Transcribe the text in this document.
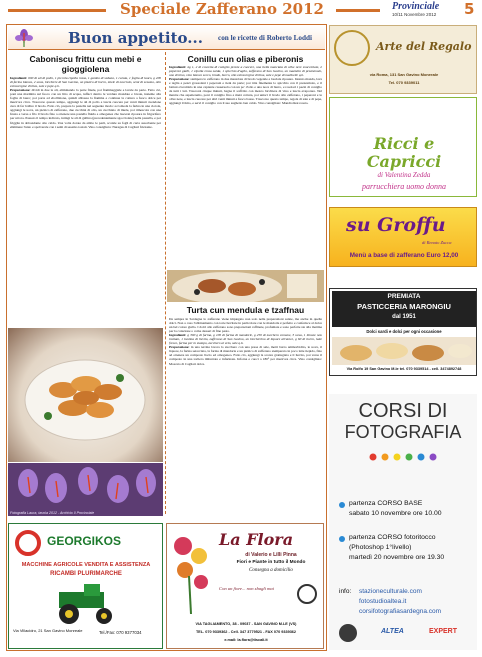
Speciale Zafferano 2012	Provinciale
10/11 Novembre 2012 5
Buon appetito... con le ricette di Roberto Loddi
Caboniscu frittu cun mebi e gioggiolena
Ingredienti: 600 di ali di pollo, 1 piccola cipolla rossa, 1 gambo di sedano, 1 carota, 1 foglia di lauro, g 200 di farina bianca, 2 uova, bicchiere di San Gavino, un pizzico di burro, miele di nocciolo, semi di sesamo, olio extravergine d'oliva, sale e pepe q.b.
Preparazione: dividi in due le ali, eliminando la parte finale, poi fiammeggiale e lavale da parte. Fatto ciò, poni una marmitta sul fuoco con un litro di acqua, tuffaci dentro le verdure mondate e lavate, insieme alla foglia di lauro; poi porta ad ebollizione, quindi abbassa la fiamma e continua la cottura a fuoco dolce per mezz'ora circa. Trascorso questo tempo, aggiungi le ali di pollo e lascia cuocere per venti minuti avendone cura di far bollire il brodo. Fatto ciò, prepara la pastella nel seguente modo: accomoda la farina in una ciotola, aggiungi le uova, un pizzico di zafferano, due cucchiai di olio, un cucchiaio di miele, poi rimescola con una frusta e versa a filo il brodo fino a ottenere una pastella fluida e omogenea che lascerai riposare in frigorifero per un'ora. Passato il tempo indicato, intingi le ali di gallina (precedentemente sgocciolate) nella pastella, e poi friggile in abbondante olio caldo. Una volta dorate da ambo le parti, scolale su fogli di carta assorbente per eliminare l'unto e spolverale con i semi di sesamo tostati. Vino consigliato: Nuragus di Cagliari frizzante.
Fotografia Laura, tavola 2012 - Archivio Il Provinciale
Conillu cun olias e piberonis
Ingredienti: kg 1, 2 di coscetta di coniglio pronte a cuocere, una bella manciata di olive nere snocciolate, 2 peperoni gialli, 1 cipolla rossa sarda, 1 spicchio d'aglio, zafferano di San Gavino, un mazzetto di prezzemolo, uno di timo, vino bianco secco, brodo, burro, olio extravergine d'oliva, sale e pepe di malinelle q.b.
Preparazione: stempera lo zafferano in due mestolate di brodo vegetale e lasciale riposare. Intanto monda, lava e taglia a pezzi grossolani i peperoni e tieni da parte; poi trita finemente lo spicchio con il prezzemolo, e il battuto riscaldalo in una capiente casseruola con un po' d'olio e una noce di burro, e rosolaci i pezzi di coniglio da tutti i lati. Trascorsi cinque minuti, bagna il soffritto con mezzo bicchiere di vino e lascia evaporare. Nel mentre che aspetteremo, poni il coniglio fino a metà cottura, poi unisci il brodo allo zafferano, i peperoni e le olive nere, e lascia cuocere per altri venti minuti a fuoco basso. Trascorso questo tempo, regola di sale e di pepe, aggiungi il timo, e servi il coniglio con il suo sughetto ben caldo. Vino consigliato: Mandrolisai rosato.
Turta cun mendula e tzaffnau
Da sempre in Sardegna lo zafferano viene impiegato non solo nelle preparazioni salate, ma anche in quelle dolci. Non a caso l'abbinamento con torte lievitate in particolare con le mandorle è perfetto e conferisce al dolce un bel colore giallo. I dolci allo zafferano sono preparazioni raffinate, profumate e sono perfette sia alla mattina per la colazione o come dessert di fine pasto.
Ingredienti: g 300 g di farina, g 100 di farina di mandorle, g 250 di zucchero comune, 3 uova, 1 limone non trattato, 1 bustina di lievito, zafferano di San Gavino, un bicchierino di liquore all'anice, g 60 di burro, latte fresco, farina per lo stampo, zucchero al velo, sale q.b.
Preparazione: in una terrina lavora lo zucchero con una presa di sale, metti burro ammorbidito, le uova, il liquore, la farina setacciata, la farina di mandorle e un pizzico di zafferano stemperato in poco latte tiepido, fino ad ottenere un composto liscio ed omogeneo. Fatto ciò, aggiungi la scorza grattugiata e il lievito, poi versa il composto in una tortiera imburrata e infarinata. Inforna e cuoci a 180° per mezz'ora circa. Vino consigliato: Moscato di Cagliari dolce.
GEORGIKOS
MACCHINE AGRICOLE VENDITA E ASSISTENZA
RICAMBI PLURIMARCHE
Via Villacidro, 21 San Gavino Monreale	Tel./Fax: 070 9377034
La Flora
di Valerio e Lilli Pinna
Fiori e Piante in tutto il Mondo
Consegna a domicilio
Con un fiore... non sbagli mai
VIA TAGLIAMENTO, 38 - 09037 - SAN GAVINO M.LE (VS)
TEL. 070 9339362 - Cell. 347 3779521 - FAX 070 9339362
e.mail: la.flora@tiscali.it
Arte del Regalo
via Roma, 131 San Gavino Monreale
Tel. 070 9339011
Ricci e
Capricci
di Valentina Zedda
parrucchiera uomo donna
su Groffu
di Renato Zucca
Menù a base di zafferano Euro 12,00
PREMIATA
PASTICCERIA MARONGIU
dal 1951
Dolci sardi e dolci per ogni occasione
Via Rolfo 19 San Gavino M.le tel. 070 9339514 - cell. 3474892748
CORSI DI
FOTOGRAFIA
partenza CORSO BASE
sabato 10 novembre ore 10.00
partenza CORSO fotoritocco
(Photoshop 1°livello)
martedì 20 novembre ore 19.30
info: stazioneculturale.com
fotostudioaltea.it
corsifotografiasardegna.com
ALTEA	EXPERT
